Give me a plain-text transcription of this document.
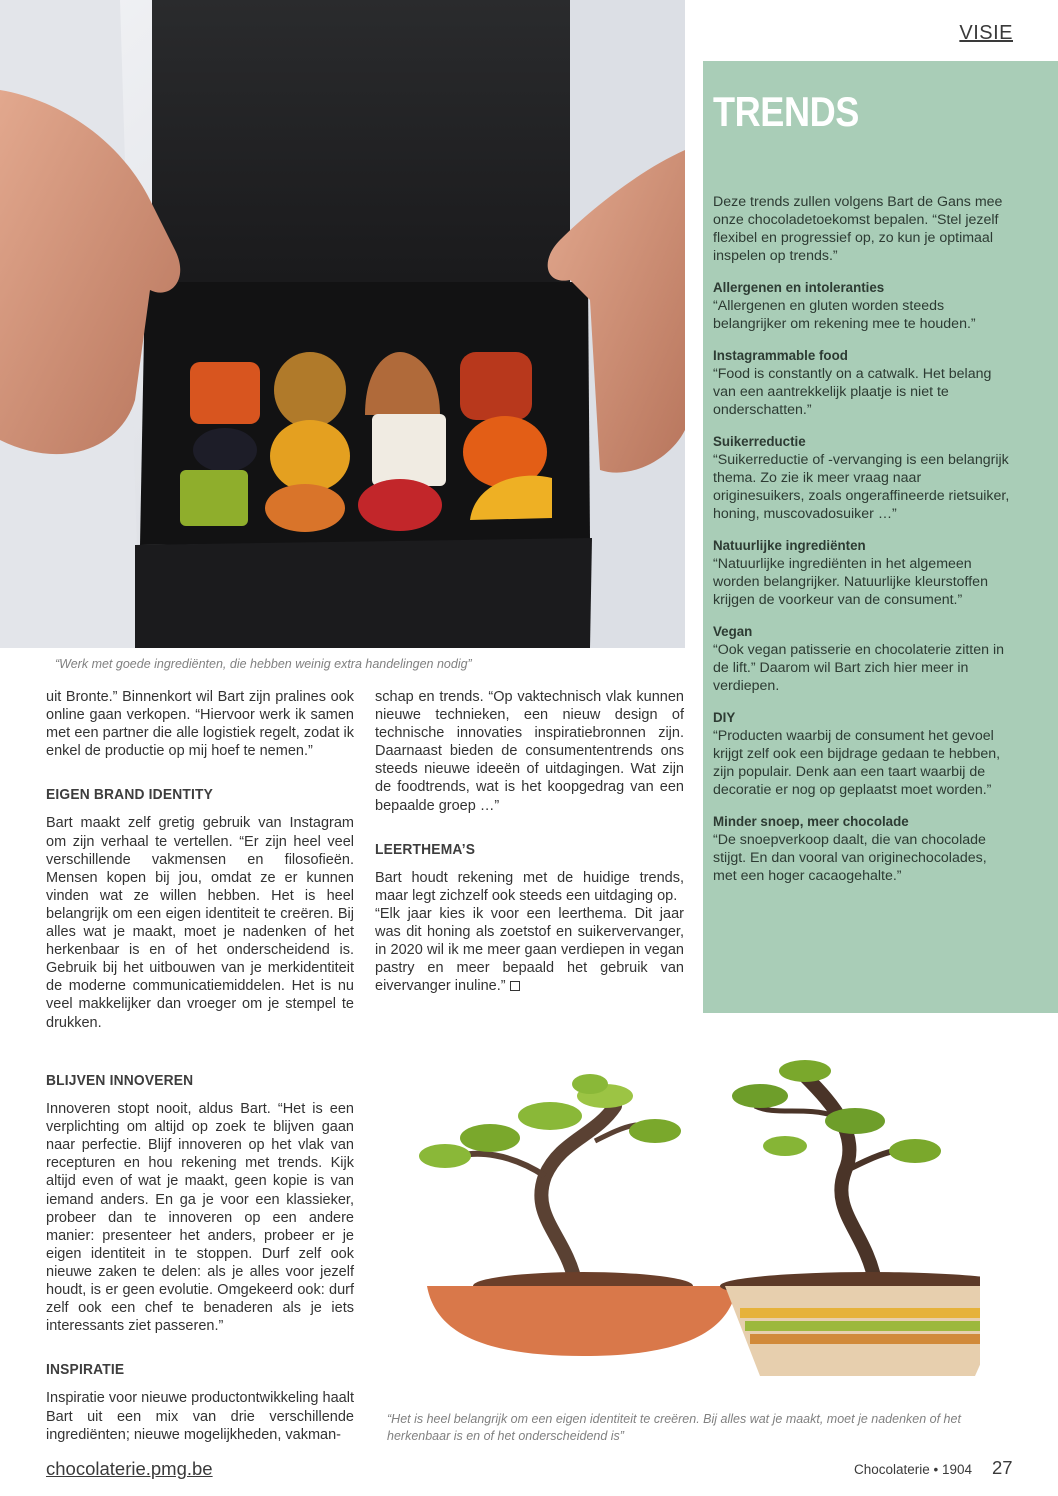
VISIE
TRENDS
Deze trends zullen volgens Bart de Gans mee onze chocoladetoekomst bepalen. “Stel jezelf flexibel en progressief op, zo kun je optimaal inspelen op trends.”
Allergenen en intoleranties
“Allergenen en gluten worden steeds belangrijker om rekening mee te houden.”
Instagrammable food
“Food is constantly on a catwalk. Het belang van een aantrekkelijk plaatje is niet te onderschatten.”
Suikerreductie
“Suikerreductie of -vervanging is een belangrijk thema. Zo zie ik meer vraag naar originesuikers, zoals ongeraffineerde rietsuiker, honing, muscovadosuiker …”
Natuurlijke ingrediënten
“Natuurlijke ingrediënten in het algemeen worden belangrijker. Natuurlijke kleurstoffen krijgen de voorkeur van de consument.”
Vegan
“Ook vegan patisserie en chocolaterie zitten in de lift.” Daarom wil Bart zich hier meer in verdiepen.
DIY
“Producten waarbij de consument het gevoel krijgt zelf ook een bijdrage gedaan te hebben, zijn populair. Denk aan een taart waarbij de decoratie er nog op geplaatst moet worden.”
Minder snoep, meer chocolade
“De snoepverkoop daalt, die van chocolade stijgt. En dan vooral van originechocolades, met een hoger cacaogehalte.”
“Werk met goede ingrediënten, die hebben weinig extra handelingen nodig”

uit Bronte.” Binnenkort wil Bart zijn pralines ook online gaan verkopen. “Hiervoor werk ik samen met een partner die alle logistiek regelt, zodat ik enkel de productie op mij hoef te nemen.”

EIGEN BRAND IDENTITY

Bart maakt zelf gretig gebruik van Instagram om zijn verhaal te vertellen. “Er zijn heel veel verschillende vakmensen en filosofieën. Mensen kopen bij jou, omdat ze er kunnen vinden wat ze willen hebben. Het is heel belangrijk om een eigen identiteit te creëren. Bij alles wat je maakt, moet je nadenken of het herkenbaar is en of het onderscheidend is. Gebruik bij het uitbouwen van je merkidentiteit de moderne communicatiemiddelen. Het is nu veel makkelijker dan vroeger om je stempel te drukken.

BLIJVEN INNOVEREN

Innoveren stopt nooit, aldus Bart. “Het is een verplichting om altijd op zoek te blijven gaan naar perfectie. Blijf innoveren op het vlak van recepturen en hou rekening met trends. Kijk altijd even of wat je maakt, geen kopie is van iemand anders. En ga je voor een klassieker, probeer dan te innoveren op een andere manier: presenteer het anders, probeer er je eigen identiteit in te stoppen. Durf zelf ook nieuwe zaken te delen: als je alles voor jezelf houdt, is er geen evolutie. Omgekeerd ook: durf zelf ook een chef te benaderen als je iets interessants ziet passeren.”

INSPIRATIE

Inspiratie voor nieuwe productontwikkeling haalt Bart uit een mix van drie verschillende ingrediënten; nieuwe mogelijkheden, vakman-

schap en trends. “Op vaktechnisch vlak kunnen nieuwe technieken, een nieuw design of technische innovaties inspiratiebronnen zijn. Daarnaast bieden de consumententrends ons steeds nieuwe ideeën of uitdagingen. Wat zijn de foodtrends, wat is het koopgedrag van een bepaalde groep …”

LEERTHEMA’S

Bart houdt rekening met de huidige trends, maar legt zichzelf ook steeds een uitdaging op.

“Elk jaar kies ik voor een leerthema. Dit jaar was dit honing als zoetstof en suikervervanger, in 2020 wil ik me meer gaan verdiepen in vegan pastry en meer bepaald het gebruik van eivervanger inuline.”

“Het is heel belangrijk om een eigen identiteit te creëren. Bij alles wat je maakt, moet je nadenken of het herkenbaar is en of het onderscheidend is”
chocolaterie.pmg.be	Chocolaterie • 1904 27
